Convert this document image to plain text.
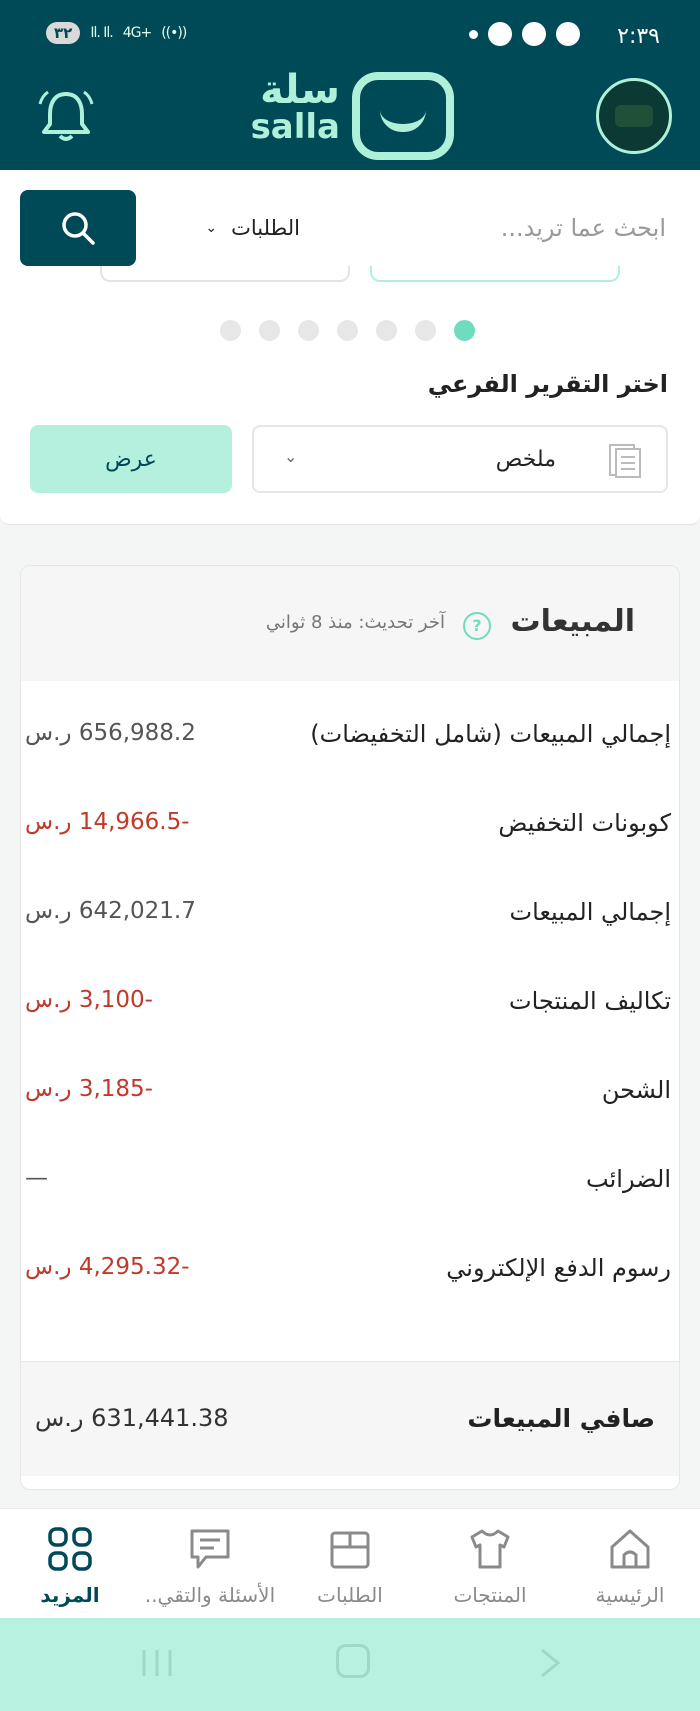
٣٢	Il. Il. 4G+ ((•))	٢:٣٩
سلة
salla
الطلبات
⌄
ابحث عما تريد...
اختر التقرير الفرعي
ملخص
⌄
عرض
المبيعات
?
آخر تحديث: منذ 8 ثواني
إجمالي المبيعات (شامل التخفيضات)
656,988.2 ر.س
كوبونات التخفيض
-14,966.5 ر.س
إجمالي المبيعات
642,021.7 ر.س
تكاليف المنتجات
-3,100 ر.س
الشحن
-3,185 ر.س
الضرائب
—
رسوم الدفع الإلكتروني
-4,295.32 ر.س
صافي المبيعات
631,441.38 ر.س
الرئيسية
المنتجات
الطلبات
الأسئلة والتقي..
المزيد
